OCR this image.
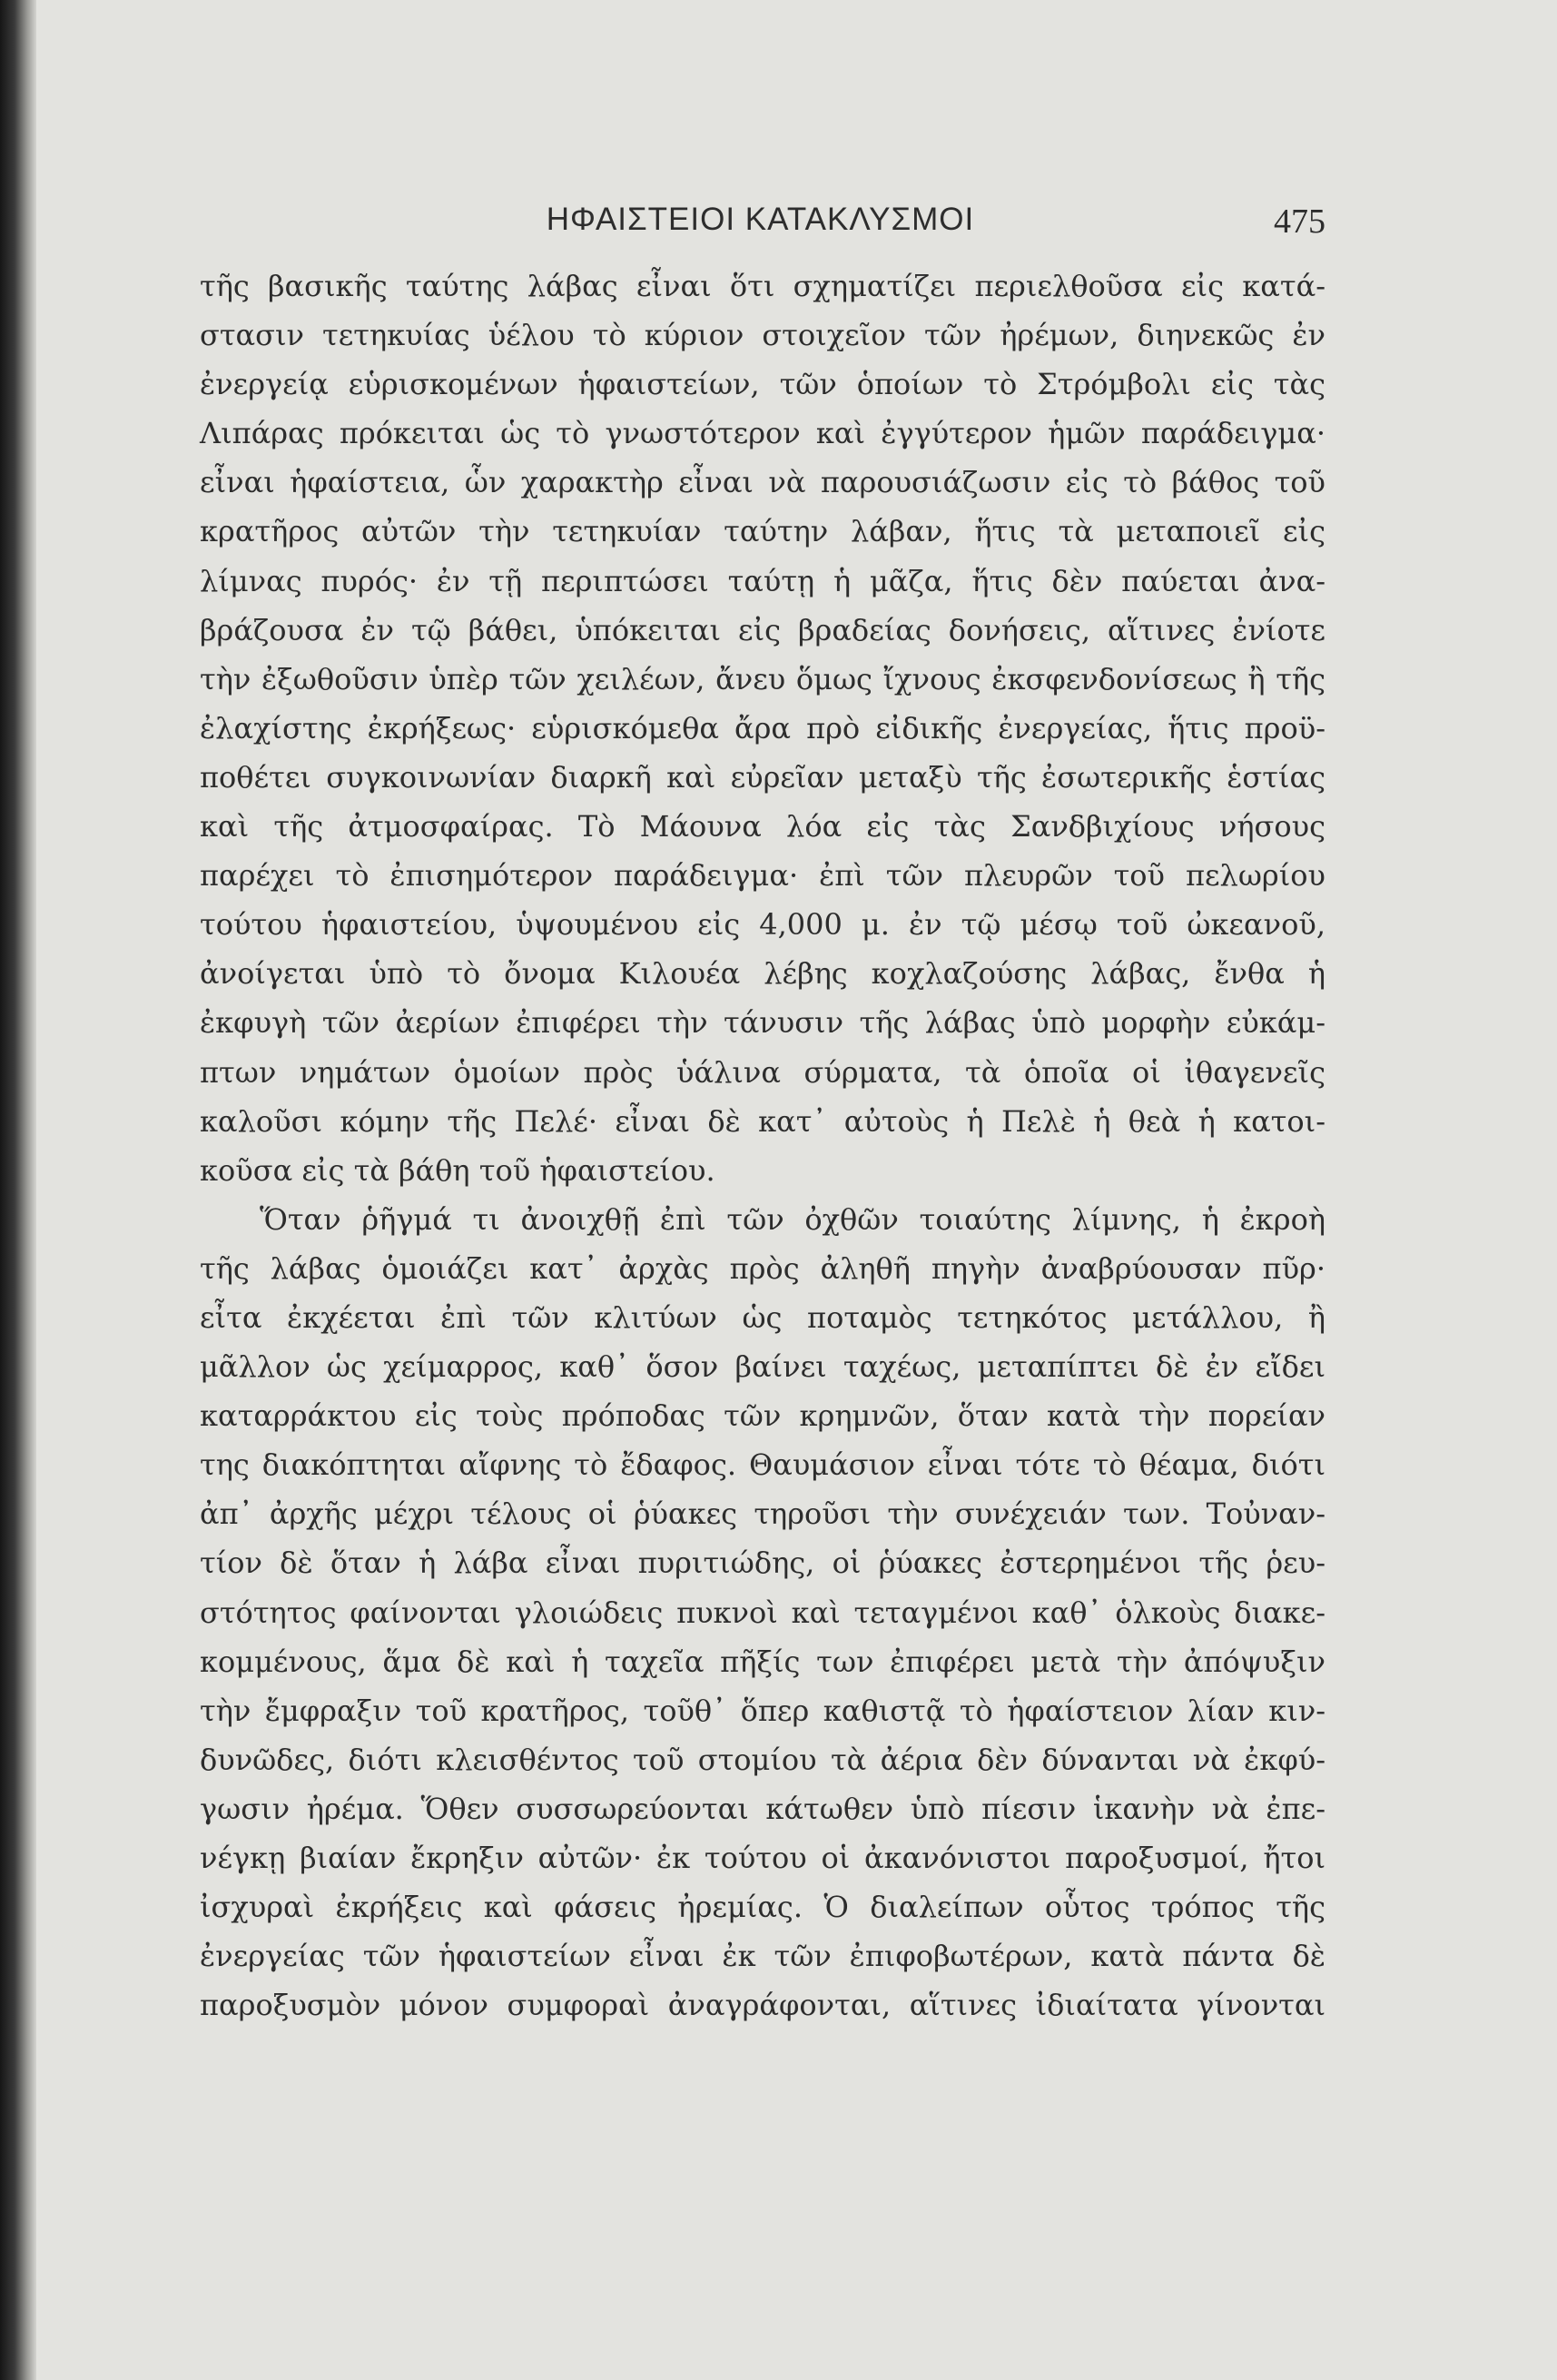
ΗΦΑΙΣΤΕΙΟΙ ΚΑΤΑΚΛΥΣΜΟΙ	475
τῆς βασικῆς ταύτης λάβας εἶναι ὅτι σχηματίζει περιελθοῦσα εἰς κατά-
στασιν τετηκυίας ὑέλου τὸ κύριον στοιχεῖον τῶν ἠρέμων, διηνεκῶς ἐν
ἐνεργείᾳ εὑρισκομένων ἡφαιστείων, τῶν ὁποίων τὸ Στρόμβολι εἰς τὰς
Λιπάρας πρόκειται ὡς τὸ γνωστότερον καὶ ἐγγύτερον ἡμῶν παράδειγμα·
εἶναι ἡφαίστεια, ὧν χαρακτὴρ εἶναι νὰ παρουσιάζωσιν εἰς τὸ βάθος τοῦ
κρατῆρος αὐτῶν τὴν τετηκυίαν ταύτην λάβαν, ἥτις τὰ μεταποιεῖ εἰς
λίμνας πυρός· ἐν τῇ περιπτώσει ταύτῃ ἡ μᾶζα, ἥτις δὲν παύεται ἀνα-
βράζουσα ἐν τῷ βάθει, ὑπόκειται εἰς βραδείας δονήσεις, αἵτινες ἐνίοτε
τὴν ἐξωθοῦσιν ὑπὲρ τῶν χειλέων, ἄνευ ὅμως ἴχνους ἐκσφενδονίσεως ἢ τῆς
ἐλαχίστης ἐκρήξεως· εὑρισκόμεθα ἄρα πρὸ εἰδικῆς ἐνεργείας, ἥτις προϋ-
ποθέτει συγκοινωνίαν διαρκῆ καὶ εὐρεῖαν μεταξὺ τῆς ἐσωτερικῆς ἑστίας
καὶ τῆς ἀτμοσφαίρας. Τὸ Μάουνα λόα εἰς τὰς Σανδβιχίους νήσους
παρέχει τὸ ἐπισημότερον παράδειγμα· ἐπὶ τῶν πλευρῶν τοῦ πελωρίου
τούτου ἡφαιστείου, ὑψουμένου εἰς 4,000 μ. ἐν τῷ μέσῳ τοῦ ὠκεανοῦ,
ἀνοίγεται ὑπὸ τὸ ὄνομα Κιλουέα λέβης κοχλαζούσης λάβας, ἔνθα ἡ
ἐκφυγὴ τῶν ἀερίων ἐπιφέρει τὴν τάνυσιν τῆς λάβας ὑπὸ μορφὴν εὐκάμ-
πτων νημάτων ὁμοίων πρὸς ὑάλινα σύρματα, τὰ ὁποῖα οἱ ἰθαγενεῖς
καλοῦσι κόμην τῆς Πελέ· εἶναι δὲ κατ᾽ αὐτοὺς ἡ Πελὲ ἡ θεὰ ἡ κατοι-
κοῦσα εἰς τὰ βάθη τοῦ ἡφαιστείου.
Ὅταν ῥῆγμά τι ἀνοιχθῇ ἐπὶ τῶν ὀχθῶν τοιαύτης λίμνης, ἡ ἐκροὴ
τῆς λάβας ὁμοιάζει κατ᾽ ἀρχὰς πρὸς ἀληθῆ πηγὴν ἀναβρύουσαν πῦρ·
εἶτα ἐκχέεται ἐπὶ τῶν κλιτύων ὡς ποταμὸς τετηκότος μετάλλου, ἢ
μᾶλλον ὡς χείμαρρος, καθ᾽ ὅσον βαίνει ταχέως, μεταπίπτει δὲ ἐν εἴδει
καταρράκτου εἰς τοὺς πρόποδας τῶν κρημνῶν, ὅταν κατὰ τὴν πορείαν
της διακόπτηται αἴφνης τὸ ἔδαφος. Θαυμάσιον εἶναι τότε τὸ θέαμα, διότι
ἀπ᾽ ἀρχῆς μέχρι τέλους οἱ ῥύακες τηροῦσι τὴν συνέχειάν των. Τοὐναν-
τίον δὲ ὅταν ἡ λάβα εἶναι πυριτιώδης, οἱ ῥύακες ἐστερημένοι τῆς ῥευ-
στότητος φαίνονται γλοιώδεις πυκνοὶ καὶ τεταγμένοι καθ᾽ ὁλκοὺς διακε-
κομμένους, ἅμα δὲ καὶ ἡ ταχεῖα πῆξίς των ἐπιφέρει μετὰ τὴν ἀπόψυξιν
τὴν ἔμφραξιν τοῦ κρατῆρος, τοῦθ᾽ ὅπερ καθιστᾷ τὸ ἡφαίστειον λίαν κιν-
δυνῶδες, διότι κλεισθέντος τοῦ στομίου τὰ ἀέρια δὲν δύνανται νὰ ἐκφύ-
γωσιν ἠρέμα. Ὅθεν συσσωρεύονται κάτωθεν ὑπὸ πίεσιν ἱκανὴν νὰ ἐπε-
νέγκῃ βιαίαν ἔκρηξιν αὐτῶν· ἐκ τούτου οἱ ἀκανόνιστοι παροξυσμοί, ἤτοι
ἰσχυραὶ ἐκρήξεις καὶ φάσεις ἠρεμίας. Ὁ διαλείπων οὗτος τρόπος τῆς
ἐνεργείας τῶν ἡφαιστείων εἶναι ἐκ τῶν ἐπιφοβωτέρων, κατὰ πάντα δὲ
παροξυσμὸν μόνον συμφοραὶ ἀναγράφονται, αἵτινες ἰδιαίτατα γίνονται
